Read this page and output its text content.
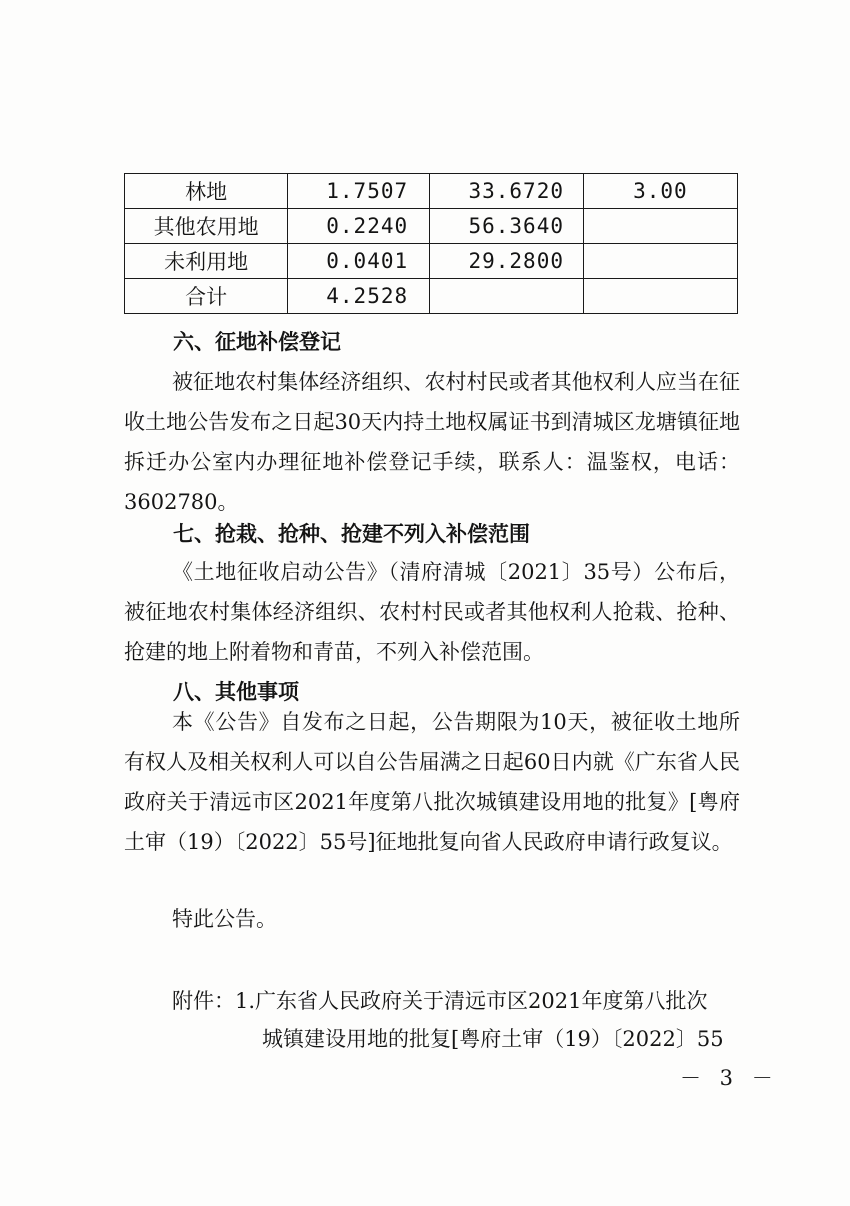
林地	1.7507	33.6720	3.00
其他农用地	0.2240	56.3640	
未利用地	0.0401	29.2800	
合计	4.2528		
六、征地补偿登记

被征地农村集体经济组织、农村村民或者其他权利人应当在征收土地公告发布之日起30天内持土地权属证书到清城区龙塘镇征地拆迁办公室内办理征地补偿登记手续，联系人：温鉴权，电话：3602780。

七、抢栽、抢种、抢建不列入补偿范围

《土地征收启动公告》（清府清城〔2021〕35号）公布后，被征地农村集体经济组织、农村村民或者其他权利人抢栽、抢种、抢建的地上附着物和青苗，不列入补偿范围。

八、其他事项

本《公告》自发布之日起，公告期限为10天，被征收土地所有权人及相关权利人可以自公告届满之日起60日内就《广东省人民政府关于清远市区2021年度第八批次城镇建设用地的批复》[粤府土审（19）〔2022〕55号]征地批复向省人民政府申请行政复议。

特此公告。
附件：1.广东省人民政府关于清远市区2021年度第八批次
城镇建设用地的批复[粤府土审（19）〔2022〕55
－ 3 －
